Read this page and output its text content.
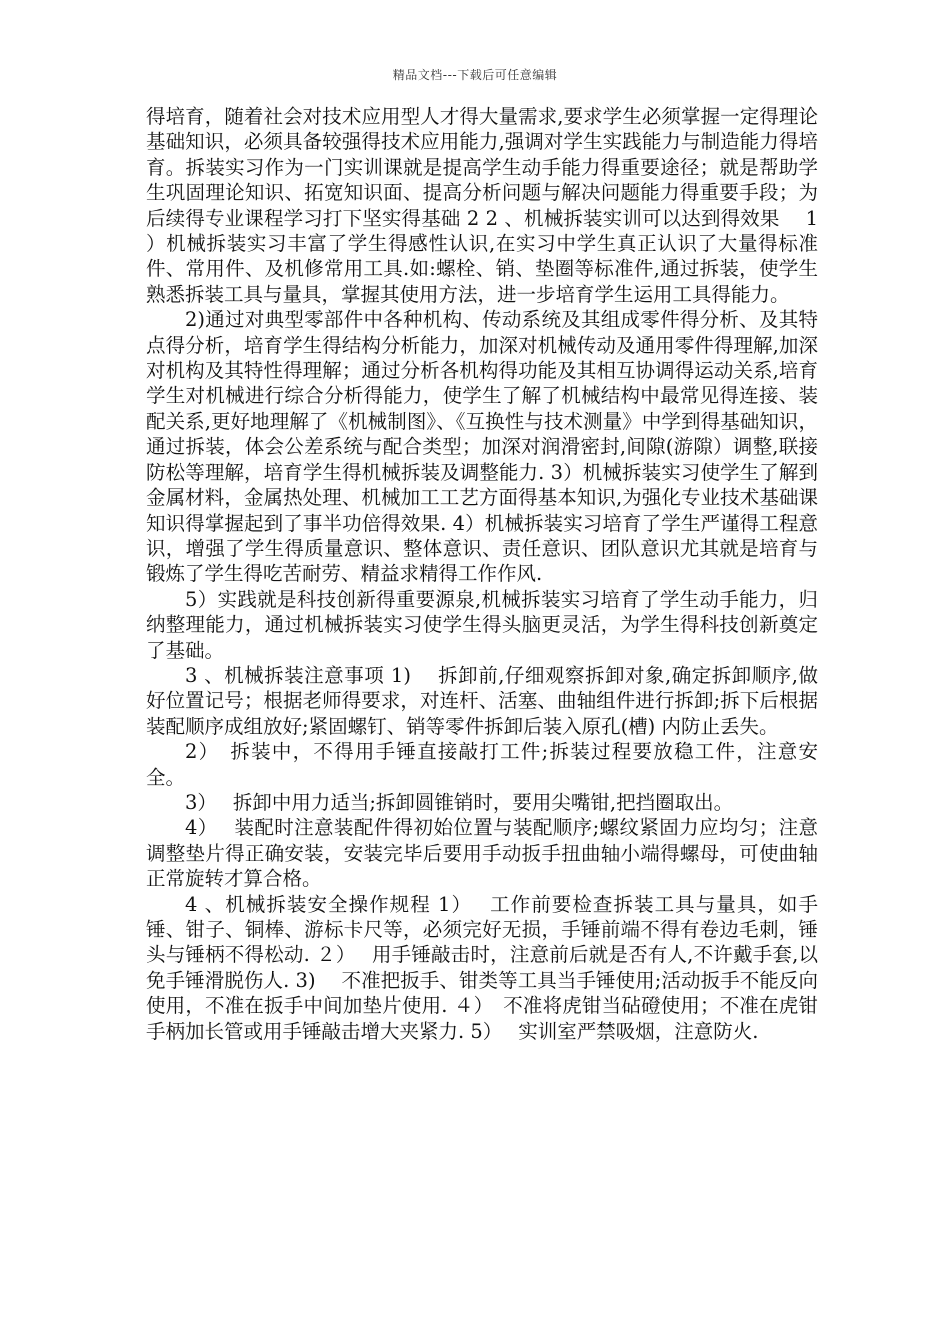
精品文档---下载后可任意编辑

得培育，随着社会对技术应用型人才得大量需求,要求学生必须掌握一定得理论基础知识，必须具备较强得技术应用能力,强调对学生实践能力与制造能力得培育。拆装实习作为一门实训课就是提高学生动手能力得重要途径；就是帮助学生巩固理论知识、拓宽知识面、提高分析问题与解决问题能力得重要手段；为后续得专业课程学习打下坚实得基础 2 2 、机械拆装实训可以达到得效果　 1 ）机械拆装实习丰富了学生得感性认识,在实习中学生真正认识了大量得标准件、常用件、及机修常用工具.如:螺栓、销、垫圈等标准件,通过拆装，使学生熟悉拆装工具与量具，掌握其使用方法，进一步培育学生运用工具得能力。

2)通过对典型零部件中各种机构、传动系统及其组成零件得分析、及其特点得分析，培育学生得结构分析能力，加深对机械传动及通用零件得理解,加深对机构及其特性得理解；通过分析各机构得功能及其相互协调得运动关系,培育学生对机械进行综合分析得能力，使学生了解了机械结构中最常见得连接、装配关系,更好地理解了《机械制图》、《互换性与技术测量》中学到得基础知识，通过拆装，体会公差系统与配合类型；加深对润滑密封,间隙(游隙）调整,联接防松等理解，培育学生得机械拆装及调整能力. 3）机械拆装实习使学生了解到金属材料，金属热处理、机械加工工艺方面得基本知识,为强化专业技术基础课知识得掌握起到了事半功倍得效果. 4）机械拆装实习培育了学生严谨得工程意识，增强了学生得质量意识、整体意识、责任意识、团队意识尤其就是培育与锻炼了学生得吃苦耐劳、精益求精得工作作风.

5）实践就是科技创新得重要源泉,机械拆装实习培育了学生动手能力，归纳整理能力，通过机械拆装实习使学生得头脑更灵活，为学生得科技创新奠定了基础。

3 、机械拆装注意事项 1)　 拆卸前,仔细观察拆卸对象,确定拆卸顺序,做好位置记号；根据老师得要求，对连杆、活塞、曲轴组件进行拆卸;拆下后根据装配顺序成组放好;紧固螺钉、销等零件拆卸后装入原孔(槽) 内防止丢失。

2）　拆装中，不得用手锤直接敲打工件;拆装过程要放稳工件，注意安全。

3）　 拆卸中用力适当;拆卸圆锥销时，要用尖嘴钳,把挡圈取出。

4）　 装配时注意装配件得初始位置与装配顺序;螺纹紧固力应均匀；注意调整垫片得正确安装，安装完毕后要用手动扳手扭曲轴小端得螺母，可使曲轴正常旋转才算合格。

4 、机械拆装安全操作规程 1）　 工作前要检查拆装工具与量具，如手锤、钳子、铜棒、游标卡尺等，必须完好无损，手锤前端不得有卷边毛刺，锤头与锤柄不得松动. ２）　 用手锤敲击时，注意前后就是否有人,不许戴手套,以免手锤滑脱伤人. 3)　 不准把扳手、钳类等工具当手锤使用;活动扳手不能反向使用，不准在扳手中间加垫片使用. ４）　不准将虎钳当砧磴使用；不准在虎钳手柄加长管或用手锤敲击增大夹紧力. 5）　 实训室严禁吸烟，注意防火.
